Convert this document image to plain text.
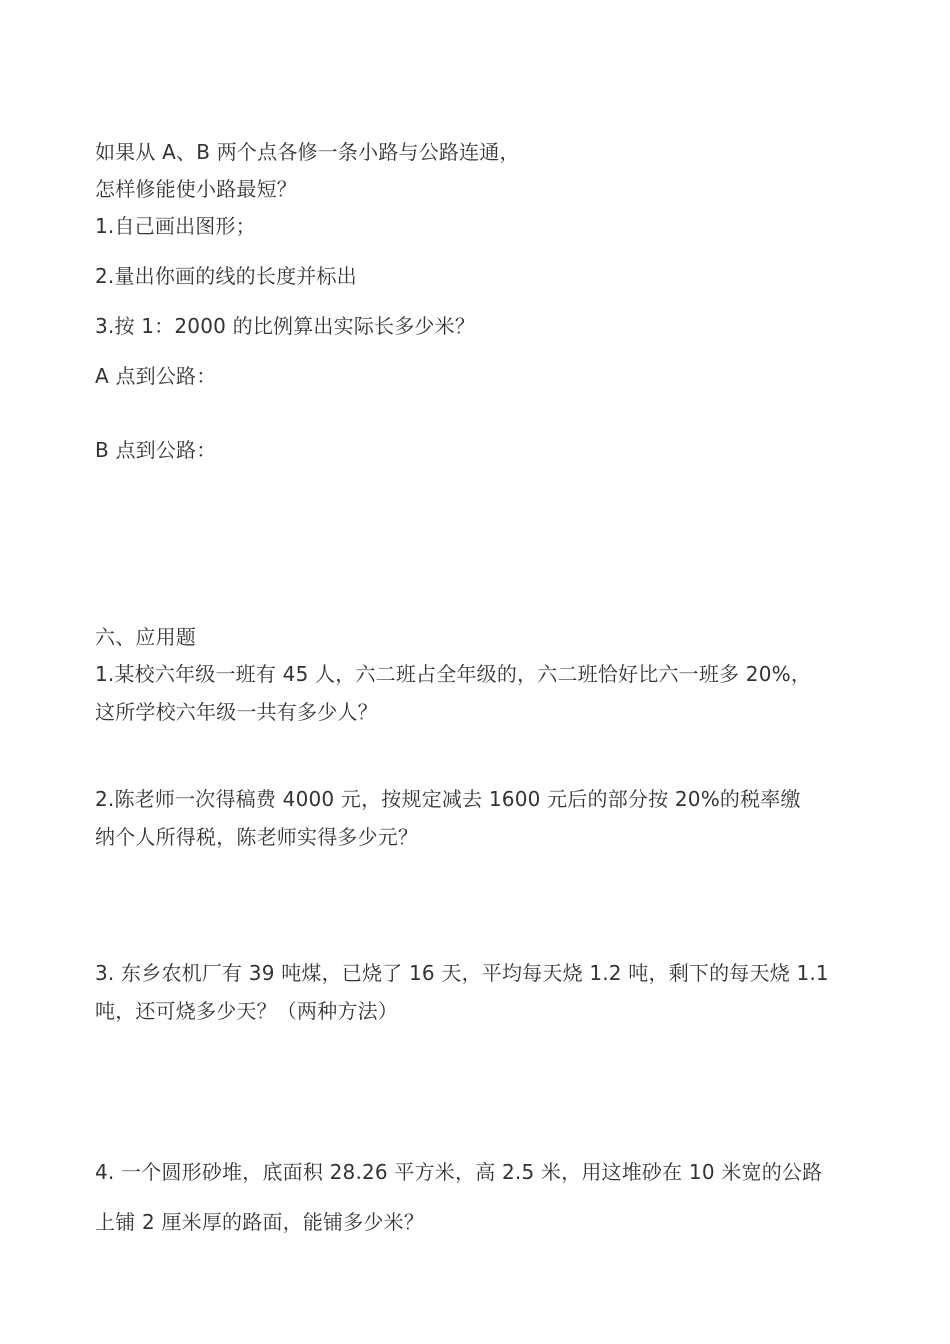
如果从 A、B 两个点各修一条小路与公路连通，
怎样修能使小路最短？
1.自己画出图形；
2.量出你画的线的长度并标出
3.按 1：2000 的比例算出实际长多少米？
A 点到公路：
B 点到公路：
六、应用题
1.某校六年级一班有 45 人，六二班占全年级的，六二班恰好比六一班多 20%，
这所学校六年级一共有多少人？
2.陈老师一次得稿费 4000 元，按规定减去 1600 元后的部分按 20%的税率缴
纳个人所得税，陈老师实得多少元？
3. 东乡农机厂有 39 吨煤，已烧了 16 天，平均每天烧 1.2 吨，剩下的每天烧 1.1
吨，还可烧多少天？（两种方法）
4. 一个圆形砂堆，底面积 28.26 平方米，高 2.5 米，用这堆砂在 10 米宽的公路
上铺 2 厘米厚的路面，能铺多少米？
